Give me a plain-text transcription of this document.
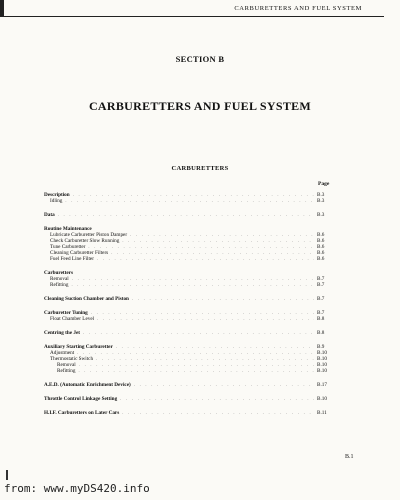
CARBURETTERS AND FUEL SYSTEM
SECTION B
CARBURETTERS AND FUEL SYSTEM
CARBURETTERS
Page
Description . . .	B.3
Idling . . .	B.3
Data . . .	B.3
Routine Maintenance
Lubricate Carburetter Piston Damper . . .	B.6
Check Carburetter Slow Running . . .	B.6
Tune Carburetter . . .	B.6
Cleaning Carburetter Filters . . .	B.6
Fuel Feed Line Filter . . .	B.6
Carburetters
Removal . . .	B.7
Refitting . . .	B.7
Cleaning Suction Chamber and Piston . . .	B.7
Carburetter Tuning . . .	B.7
Float Chamber Level . . .	B.8
Centring the Jet . . .	B.8
Auxiliary Starting Carburetter . . .	B.9
Adjustment . . .	B.10
Thermostatic Switch . . .	B.10
Removal . . .	B.10
Refitting . . .	B.10
A.E.D. (Automatic Enrichment Device) . . .	B.17
Throttle Control Linkage Setting . . .	B.10
H.I.F. Carburetters on Later Cars . . .	B.11
B.1
from: www.myDS420.info
